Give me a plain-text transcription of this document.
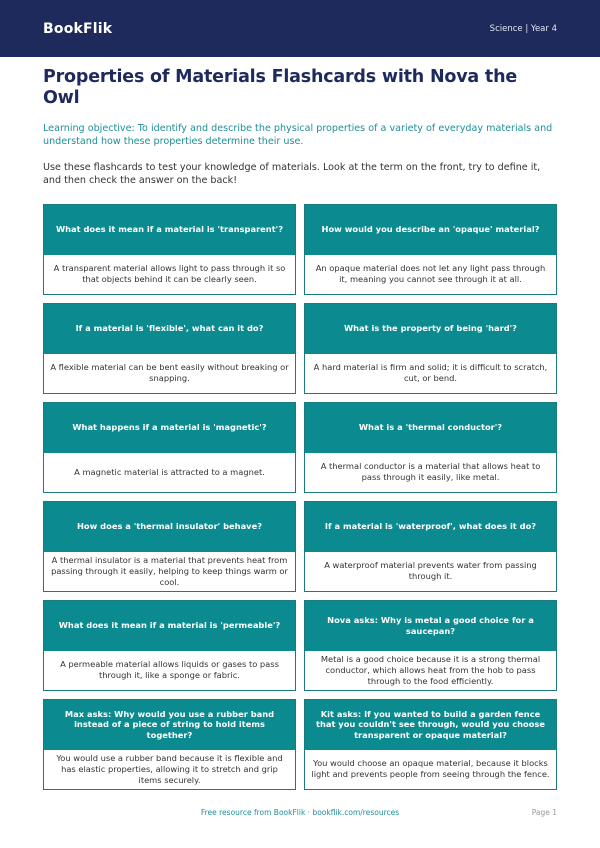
BookFlik	Science | Year 4
Properties of Materials Flashcards with Nova the Owl

Learning objective: To identify and describe the physical properties of a variety of everyday materials and understand how these properties determine their use.

Use these flashcards to test your knowledge of materials. Look at the term on the front, try to define it, and then check the answer on the back!

What does it mean if a material is 'transparent'?
A transparent material allows light to pass through it so that objects behind it can be clearly seen.
How would you describe an 'opaque' material?
An opaque material does not let any light pass through it, meaning you cannot see through it at all.
If a material is 'flexible', what can it do?
A flexible material can be bent easily without breaking or snapping.
What is the property of being 'hard'?
A hard material is firm and solid; it is difficult to scratch, cut, or bend.
What happens if a material is 'magnetic'?
A magnetic material is attracted to a magnet.
What is a 'thermal conductor'?
A thermal conductor is a material that allows heat to pass through it easily, like metal.
How does a 'thermal insulator' behave?
A thermal insulator is a material that prevents heat from passing through it easily, helping to keep things warm or cool.
If a material is 'waterproof', what does it do?
A waterproof material prevents water from passing through it.
What does it mean if a material is 'permeable'?
A permeable material allows liquids or gases to pass through it, like a sponge or fabric.
Nova asks: Why is metal a good choice for a saucepan?
Metal is a good choice because it is a strong thermal conductor, which allows heat from the hob to pass through to the food efficiently.
Max asks: Why would you use a rubber band instead of a piece of string to hold items together?
You would use a rubber band because it is flexible and has elastic properties, allowing it to stretch and grip items securely.
Kit asks: If you wanted to build a garden fence that you couldn't see through, would you choose transparent or opaque material?
You would choose an opaque material, because it blocks light and prevents people from seeing through the fence.
Free resource from BookFlik · bookflik.com/resources	Page 1
